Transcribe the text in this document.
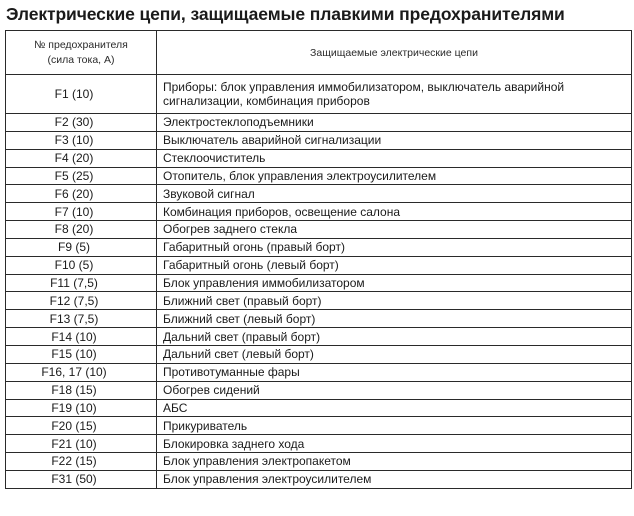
Электрические цепи, защищаемые плавкими предохранителями
№ предохранителя
(сила тока, А)	Защищаемые электрические цепи
F1 (10)	Приборы: блок управления иммобилизатором, выключатель аварийной сигнализации, комбинация приборов
F2 (30)	Электростеклоподъемники
F3 (10)	Выключатель аварийной сигнализации
F4 (20)	Стеклоочиститель
F5 (25)	Отопитель, блок управления электроусилителем
F6 (20)	Звуковой сигнал
F7 (10)	Комбинация приборов, освещение салона
F8 (20)	Обогрев заднего стекла
F9 (5)	Габаритный огонь (правый борт)
F10 (5)	Габаритный огонь (левый борт)
F11 (7,5)	Блок управления иммобилизатором
F12 (7,5)	Ближний свет (правый борт)
F13 (7,5)	Ближний свет (левый борт)
F14 (10)	Дальний свет (правый борт)
F15 (10)	Дальний свет (левый борт)
F16, 17 (10)	Противотуманные фары
F18 (15)	Обогрев сидений
F19 (10)	АБС
F20 (15)	Прикуриватель
F21 (10)	Блокировка заднего хода
F22 (15)	Блок управления электропакетом
F31 (50)	Блок управления электроусилителем
